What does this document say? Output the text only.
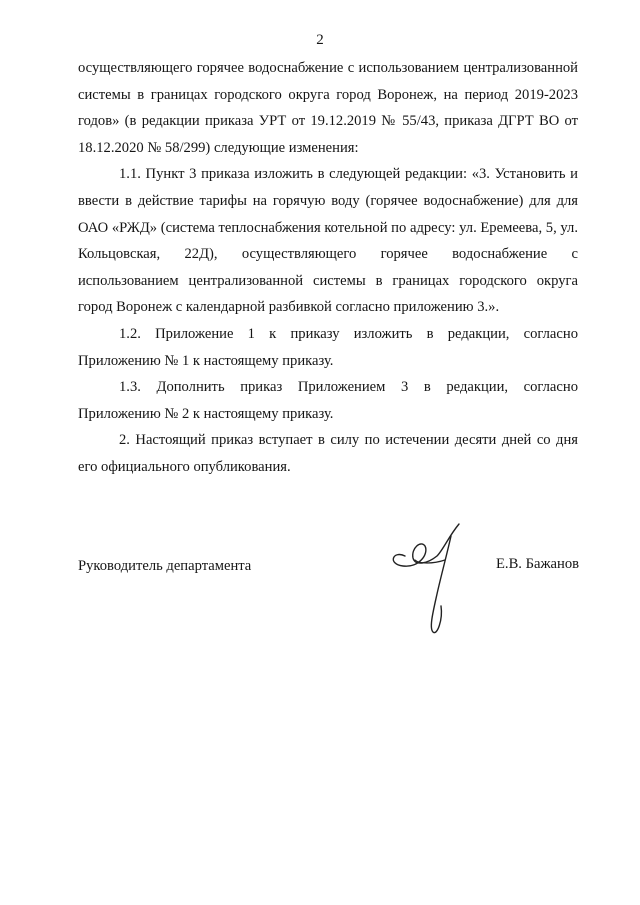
2

осуществляющего горячее водоснабжение с использованием централизованной системы в границах городского округа город Воронеж, на период 2019-2023 годов» (в редакции приказа УРТ от 19.12.2019 № 55/43, приказа ДГРТ ВО от 18.12.2020 № 58/299) следующие изменения:

1.1. Пункт 3 приказа изложить в следующей редакции: «3. Установить и ввести в действие тарифы на горячую воду (горячее водоснабжение) для для ОАО «РЖД» (система теплоснабжения котельной по адресу: ул. Еремеева, 5, ул. Кольцовская, 22Д), осуществляющего горячее водоснабжение с использованием централизованной системы в границах городского округа город Воронеж с календарной разбивкой согласно приложению 3.».

1.2. Приложение 1 к приказу изложить в редакции, согласно Приложению № 1 к настоящему приказу.

1.3. Дополнить приказ Приложением 3 в редакции, согласно Приложению № 2 к настоящему приказу.

2. Настоящий приказ вступает в силу по истечении десяти дней со дня его официального опубликования.

Руководитель департамента	Е.В. Бажанов
